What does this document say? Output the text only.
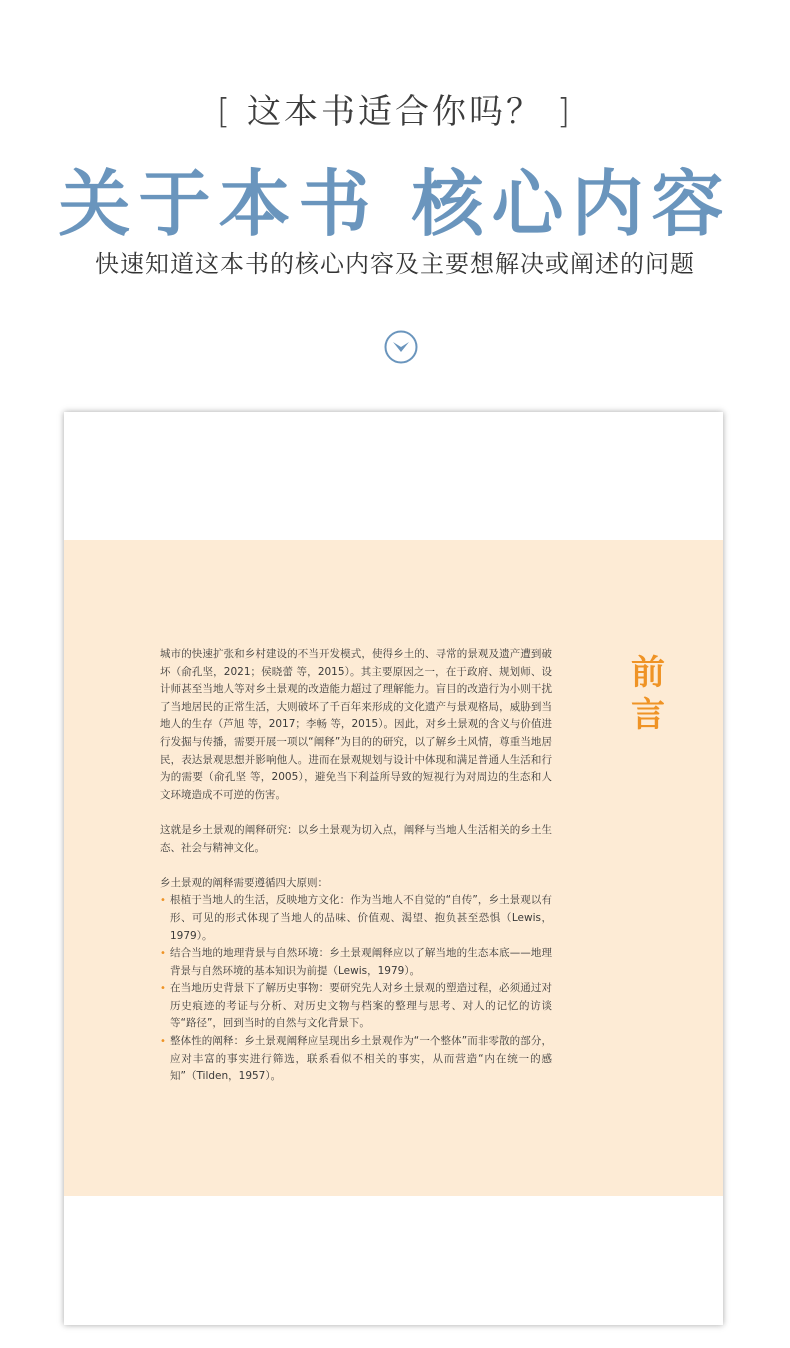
[ 这本书适合你吗？ ]
关于本书 核心内容
快速知道这本书的核心内容及主要想解决或阐述的问题
前
言

城市的快速扩张和乡村建设的不当开发模式，使得乡土的、寻常的景观及遗产遭到破坏（俞孔坚，2021；侯晓蕾 等，2015）。其主要原因之一，在于政府、规划师、设计师甚至当地人等对乡土景观的改造能力超过了理解能力。盲目的改造行为小则干扰了当地居民的正常生活，大则破坏了千百年来形成的文化遗产与景观格局，威胁到当地人的生存（芦旭 等，2017；李畅 等，2015）。因此，对乡土景观的含义与价值进行发掘与传播，需要开展一项以“阐释”为目的的研究，以了解乡土风情，尊重当地居民，表达景观思想并影响他人。进而在景观规划与设计中体现和满足普通人生活和行为的需要（俞孔坚 等，2005），避免当下利益所导致的短视行为对周边的生态和人文环境造成不可逆的伤害。

这就是乡土景观的阐释研究：以乡土景观为切入点，阐释与当地人生活相关的乡土生态、社会与精神文化。

乡土景观的阐释需要遵循四大原则：

• 根植于当地人的生活，反映地方文化：作为当地人不自觉的“自传”，乡土景观以有形、可见的形式体现了当地人的品味、价值观、渴望、抱负甚至恐惧（Lewis，1979）。
• 结合当地的地理背景与自然环境：乡土景观阐释应以了解当地的生态本底——地理背景与自然环境的基本知识为前提（Lewis，1979）。
• 在当地历史背景下了解历史事物：要研究先人对乡土景观的塑造过程，必须通过对历史痕迹的考证与分析、对历史文物与档案的整理与思考、对人的记忆的访谈等“路径”，回到当时的自然与文化背景下。
• 整体性的阐释：乡土景观阐释应呈现出乡土景观作为“一个整体”而非零散的部分，应对丰富的事实进行筛选，联系看似不相关的事实，从而营造“内在统一的感知”（Tilden，1957）。
